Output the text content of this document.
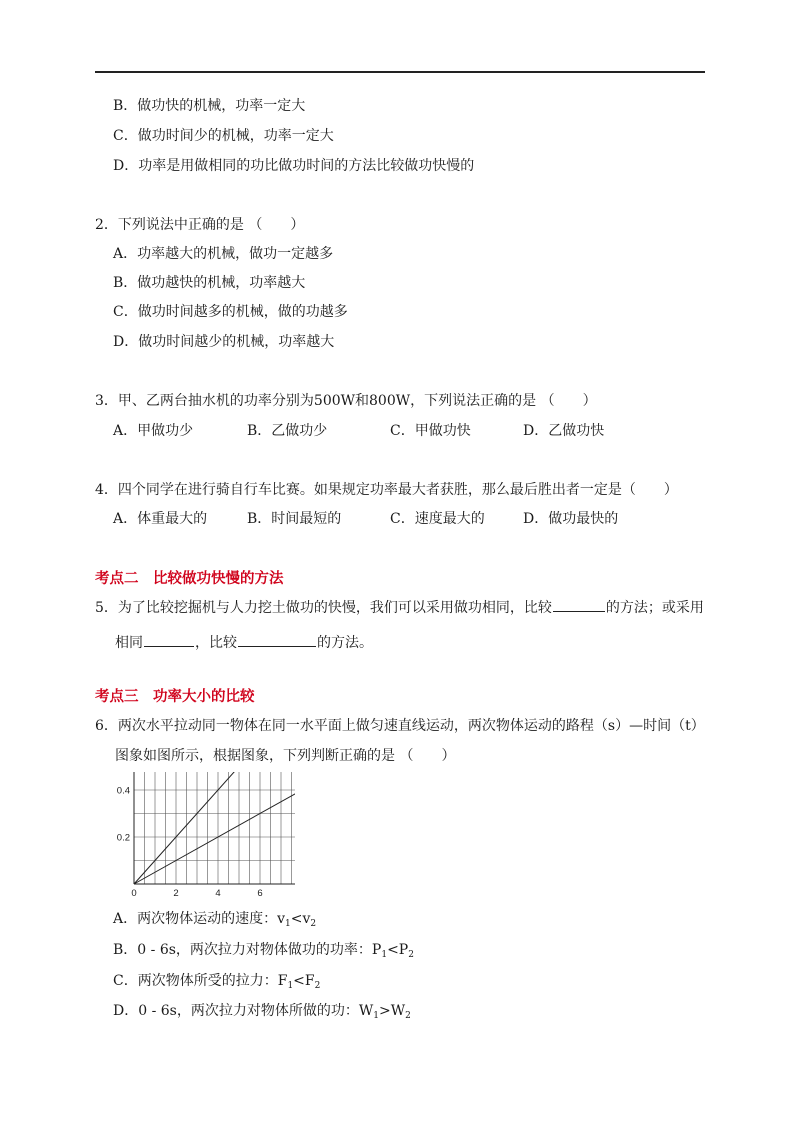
B．做功快的机械，功率一定大
C．做功时间少的机械，功率一定大
D．功率是用做相同的功比做功时间的方法比较做功快慢的
2．下列说法中正确的是 （　　）
A．功率越大的机械，做功一定越多
B．做功越快的机械，功率越大
C．做功时间越多的机械，做的功越多
D．做功时间越少的机械，功率越大
3．甲、乙两台抽水机的功率分别为500W和800W，下列说法正确的是 （　　）
A．甲做功少	B．乙做功少	C．甲做功快	D．乙做功快
4．四个同学在进行骑自行车比赛。如果规定功率最大者获胜，那么最后胜出者一定是（　　）
A．体重最大的	B．时间最短的	C．速度最大的	D．做功最快的
考点二　比较做功快慢的方法
5．为了比较挖掘机与人力挖土做功的快慢，我们可以采用做功相同，比较	的方法；或采用
相同	，比较	的方法。
考点三　功率大小的比较
6．两次水平拉动同一物体在同一水平面上做匀速直线运动，两次物体运动的路程（s）—时间（t）
图象如图所示，根据图象，下列判断正确的是 （　　）
0	2	4	6
0.2
0.4
A．两次物体运动的速度：$v_1<v_2$
B．0 - 6s，两次拉力对物体做功的功率：$P_1<P_2$
C．两次物体所受的拉力：$F_1<F_2$
D．0 - 6s，两次拉力对物体所做的功：$W_1>W_2$
